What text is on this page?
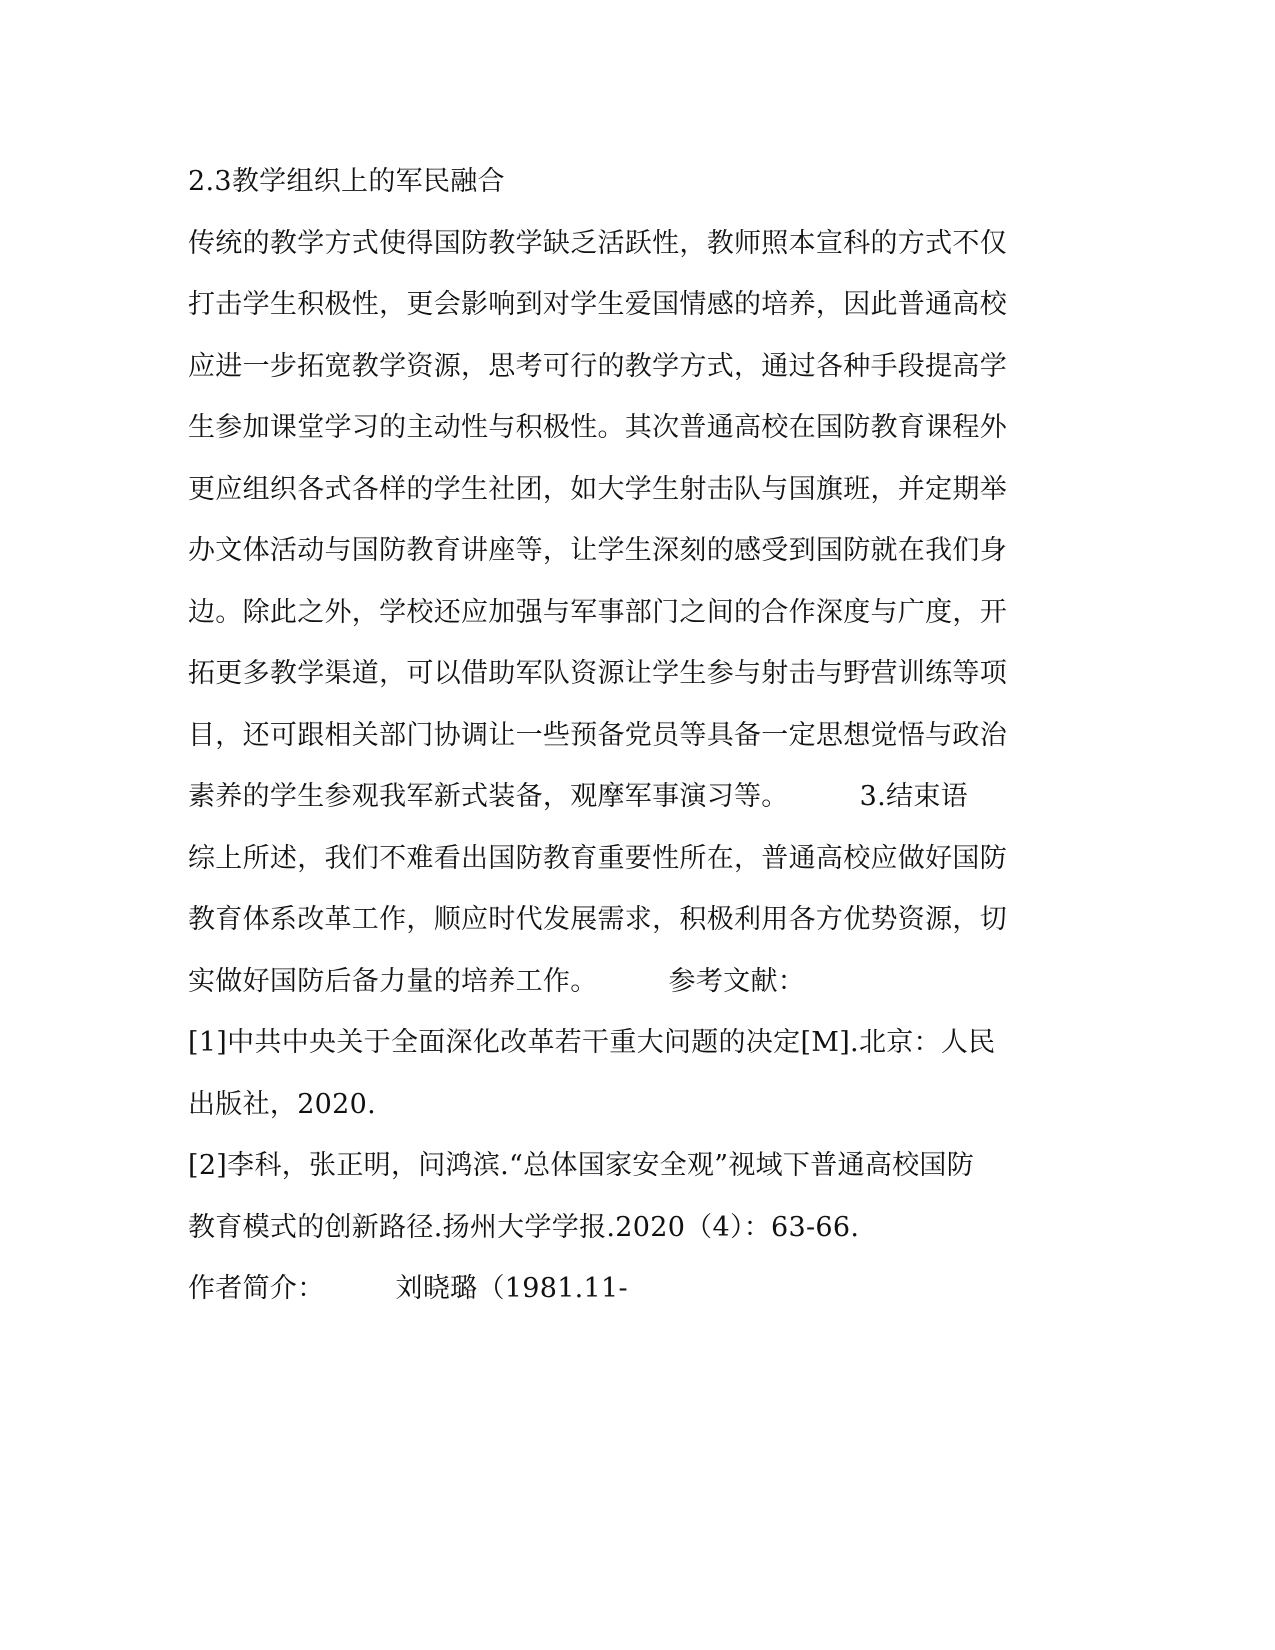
2.3教学组织上的军民融合
传统的教学方式使得国防教学缺乏活跃性，教师照本宣科的方式不仅
打击学生积极性，更会影响到对学生爱国情感的培养，因此普通高校
应进一步拓宽教学资源，思考可行的教学方式，通过各种手段提高学
生参加课堂学习的主动性与积极性。其次普通高校在国防教育课程外
更应组织各式各样的学生社团，如大学生射击队与国旗班，并定期举
办文体活动与国防教育讲座等，让学生深刻的感受到国防就在我们身
边。除此之外，学校还应加强与军事部门之间的合作深度与广度，开
拓更多教学渠道，可以借助军队资源让学生参与射击与野营训练等项
目，还可跟相关部门协调让一些预备党员等具备一定思想觉悟与政治
素养的学生参观我军新式装备，观摩军事演习等。        3.结束语
综上所述，我们不难看出国防教育重要性所在，普通高校应做好国防
教育体系改革工作，顺应时代发展需求，积极利用各方优势资源，切
实做好国防后备力量的培养工作。        参考文献：
[1]中共中央关于全面深化改革若干重大问题的决定[M].北京：人民
出版社，2020.
[2]李科，张正明，问鸿滨.“总体国家安全观”视域下普通高校国防
教育模式的创新路径.扬州大学学报.2020（4）：63-66.
作者简介：        刘晓璐（1981.11-
